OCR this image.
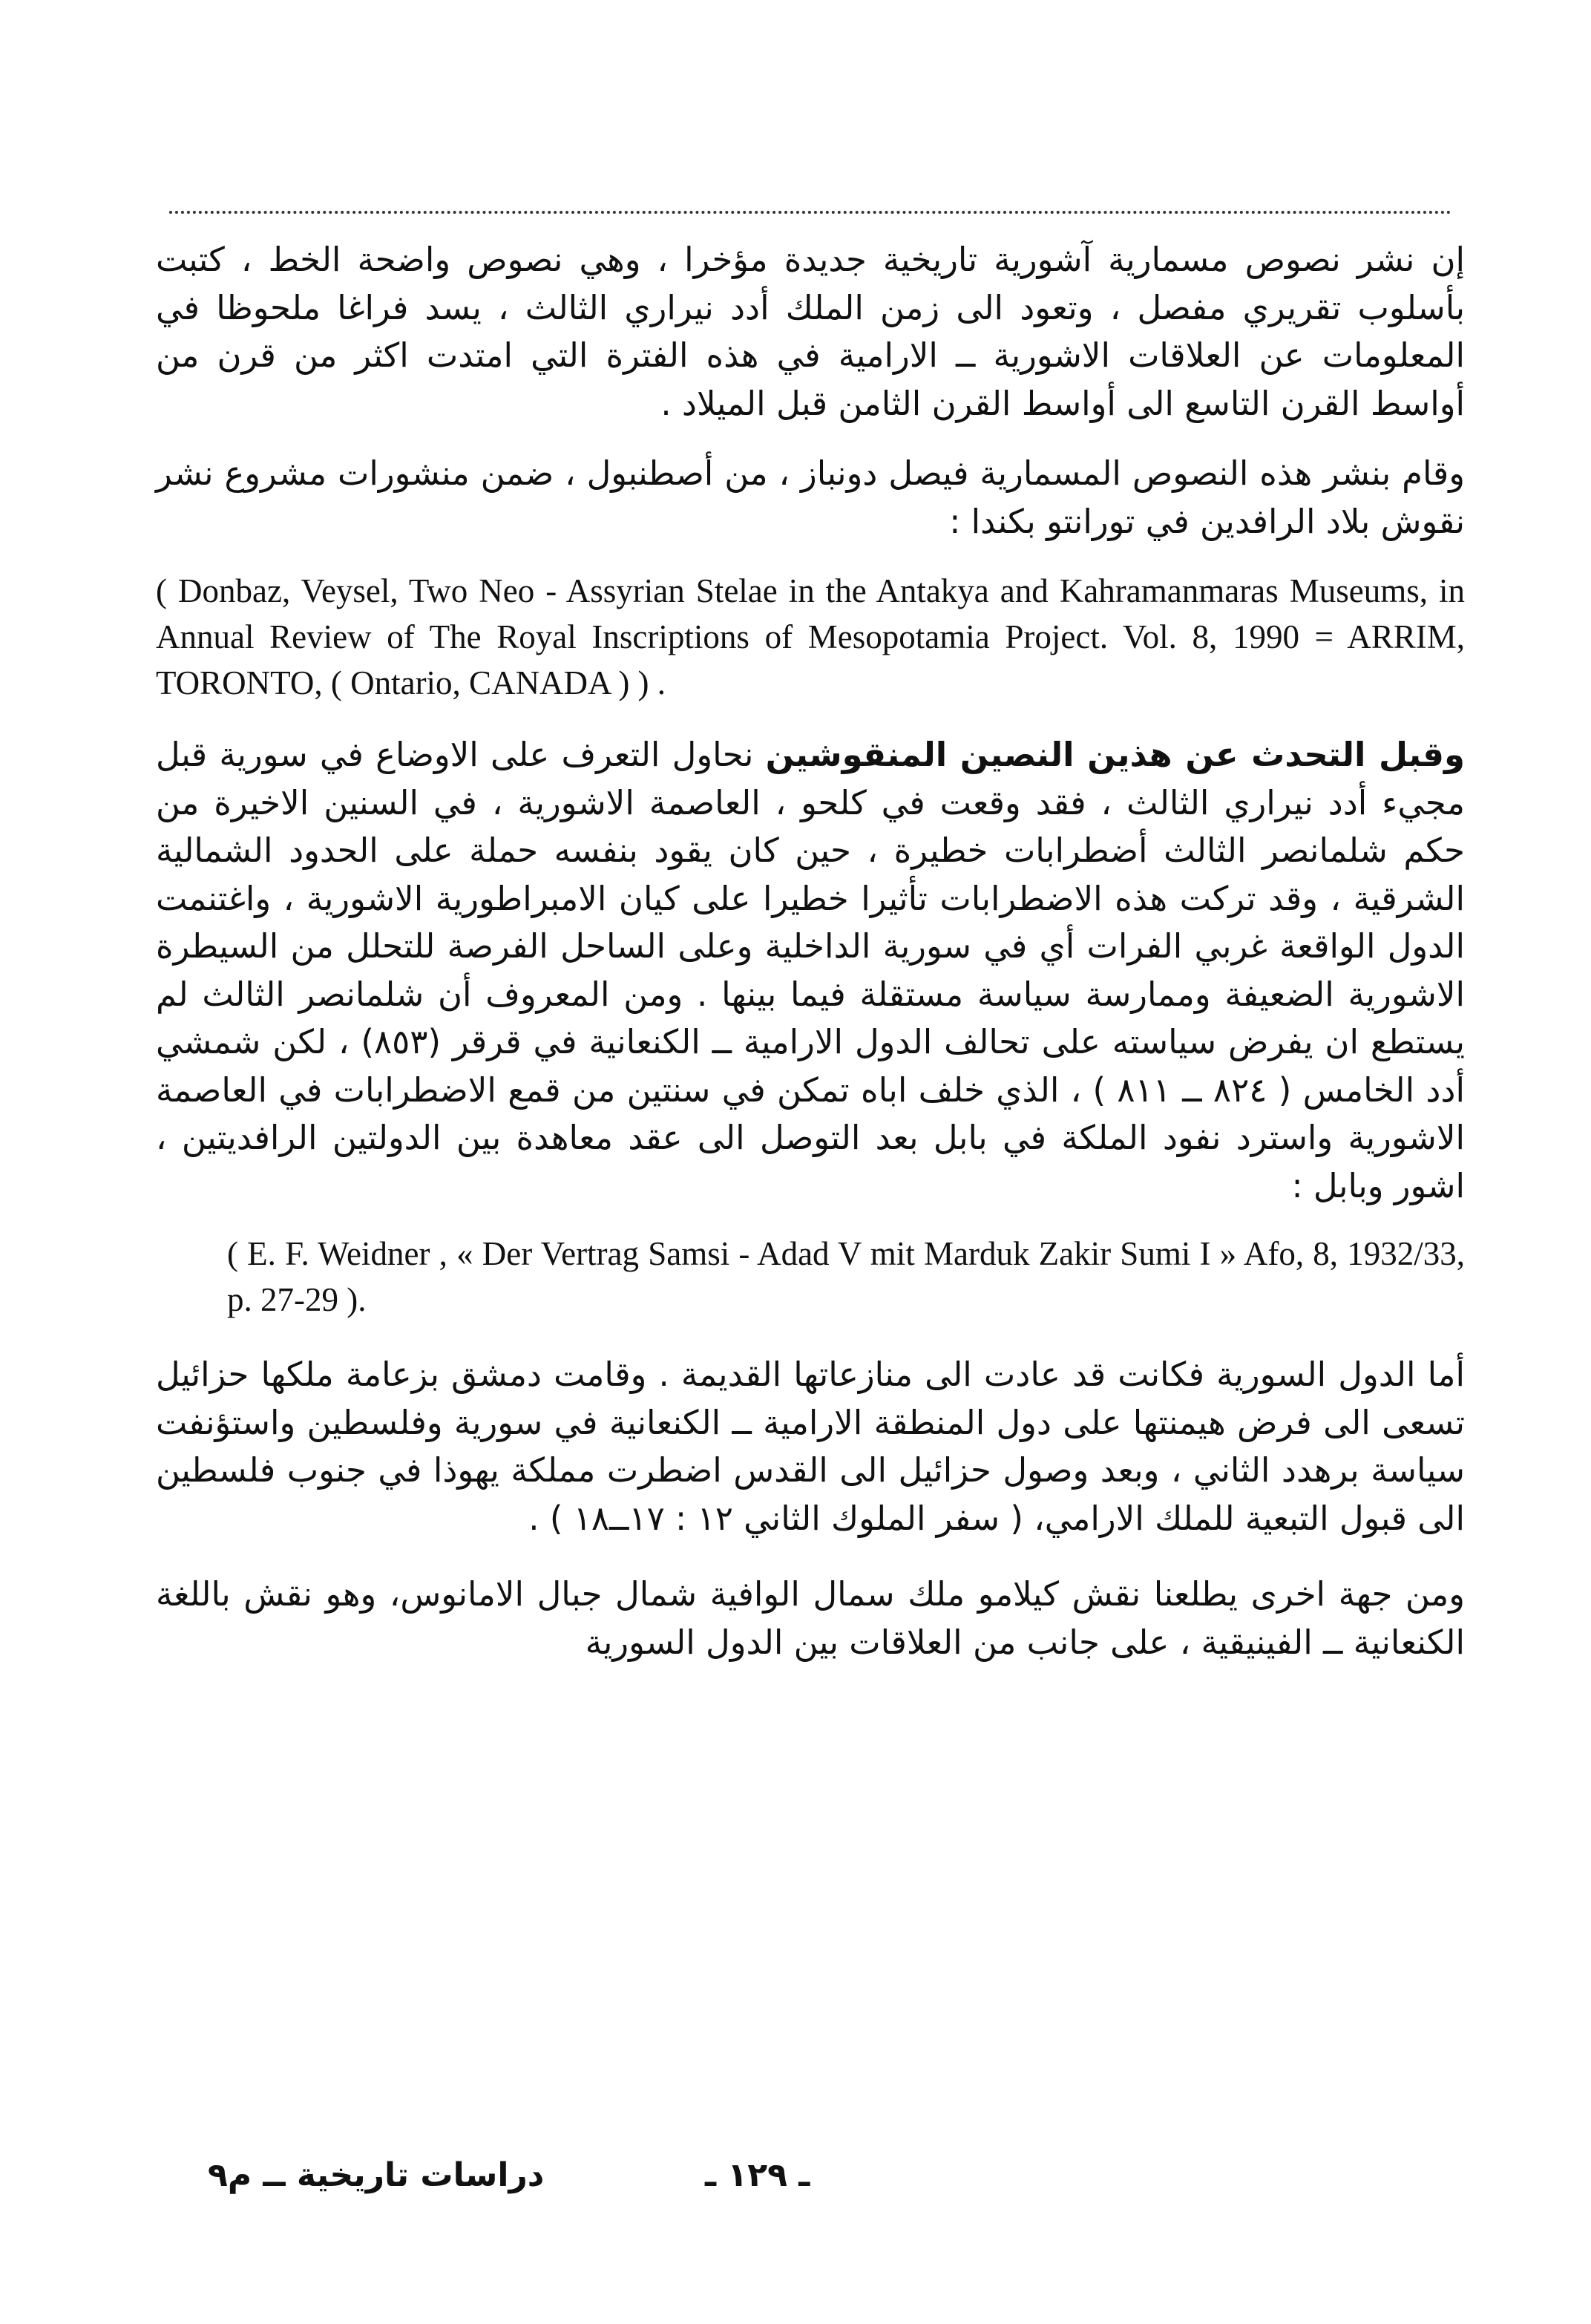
إن نشر نصوص مسمارية آشورية تاريخية جديدة مؤخرا ، وهي نصوص واضحة الخط ، كتبت بأسلوب تقريري مفصل ، وتعود الى زمن الملك أدد نيراري الثالث ، يسد فراغا ملحوظا في المعلومات عن العلاقات الاشورية ــ الارامية في هذه الفترة التي امتدت اكثر من قرن من أواسط القرن التاسع الى أواسط القرن الثامن قبل الميلاد .

وقام بنشر هذه النصوص المسمارية فيصل دونباز ، من أصطنبول ، ضمن منشورات مشروع نشر نقوش بلاد الرافدين في تورانتو بكندا :

( Donbaz, Veysel, Two Neo - Assyrian Stelae in the Antakya and Kahramanmaras Museums, in Annual Review of The Royal Inscriptions of Mesopotamia Project. Vol. 8, 1990 = ARRIM, TORONTO, ( Ontario, CANADA ) ) .

وقبل التحدث عن هذين النصين المنقوشين نحاول التعرف على الاوضاع في سورية قبل مجيء أدد نيراري الثالث ، فقد وقعت في كلحو ، العاصمة الاشورية ، في السنين الاخيرة من حكم شلمانصر الثالث أضطرابات خطيرة ، حين كان يقود بنفسه حملة على الحدود الشمالية الشرقية ، وقد تركت هذه الاضطرابات تأثيرا خطيرا على كيان الامبراطورية الاشورية ، واغتنمت الدول الواقعة غربي الفرات أي في سورية الداخلية وعلى الساحل الفرصة للتحلل من السيطرة الاشورية الضعيفة وممارسة سياسة مستقلة فيما بينها . ومن المعروف أن شلمانصر الثالث لم يستطع ان يفرض سياسته على تحالف الدول الارامية ــ الكنعانية في قرقر (٨٥٣) ، لكن شمشي أدد الخامس ( ٨٢٤ ــ ٨١١ ) ، الذي خلف اباه تمكن في سنتين من قمع الاضطرابات في العاصمة الاشورية واسترد نفود الملكة في بابل بعد التوصل الى عقد معاهدة بين الدولتين الرافديتين ، اشور وبابل :

( E. F. Weidner , « Der Vertrag Samsi - Adad V mit Marduk Zakir Sumi I » Afo, 8, 1932/33, p. 27-29 ).

أما الدول السورية فكانت قد عادت الى منازعاتها القديمة . وقامت دمشق بزعامة ملكها حزائيل تسعى الى فرض هيمنتها على دول المنطقة الارامية ــ الكنعانية في سورية وفلسطين واستؤنفت سياسة برهدد الثاني ، وبعد وصول حزائيل الى القدس اضطرت مملكة يهوذا في جنوب فلسطين الى قبول التبعية للملك الارامي، ( سفر الملوك الثاني ١٢ : ١٧ــ١٨ ) .

ومن جهة اخرى يطلعنا نقش كيلامو ملك سمال الوافية شمال جبال الامانوس، وهو نقش باللغة الكنعانية ــ الفينيقية ، على جانب من العلاقات بين الدول السورية

دراسات تاريخية ــ م٩	ـ ١٢٩ ـ
